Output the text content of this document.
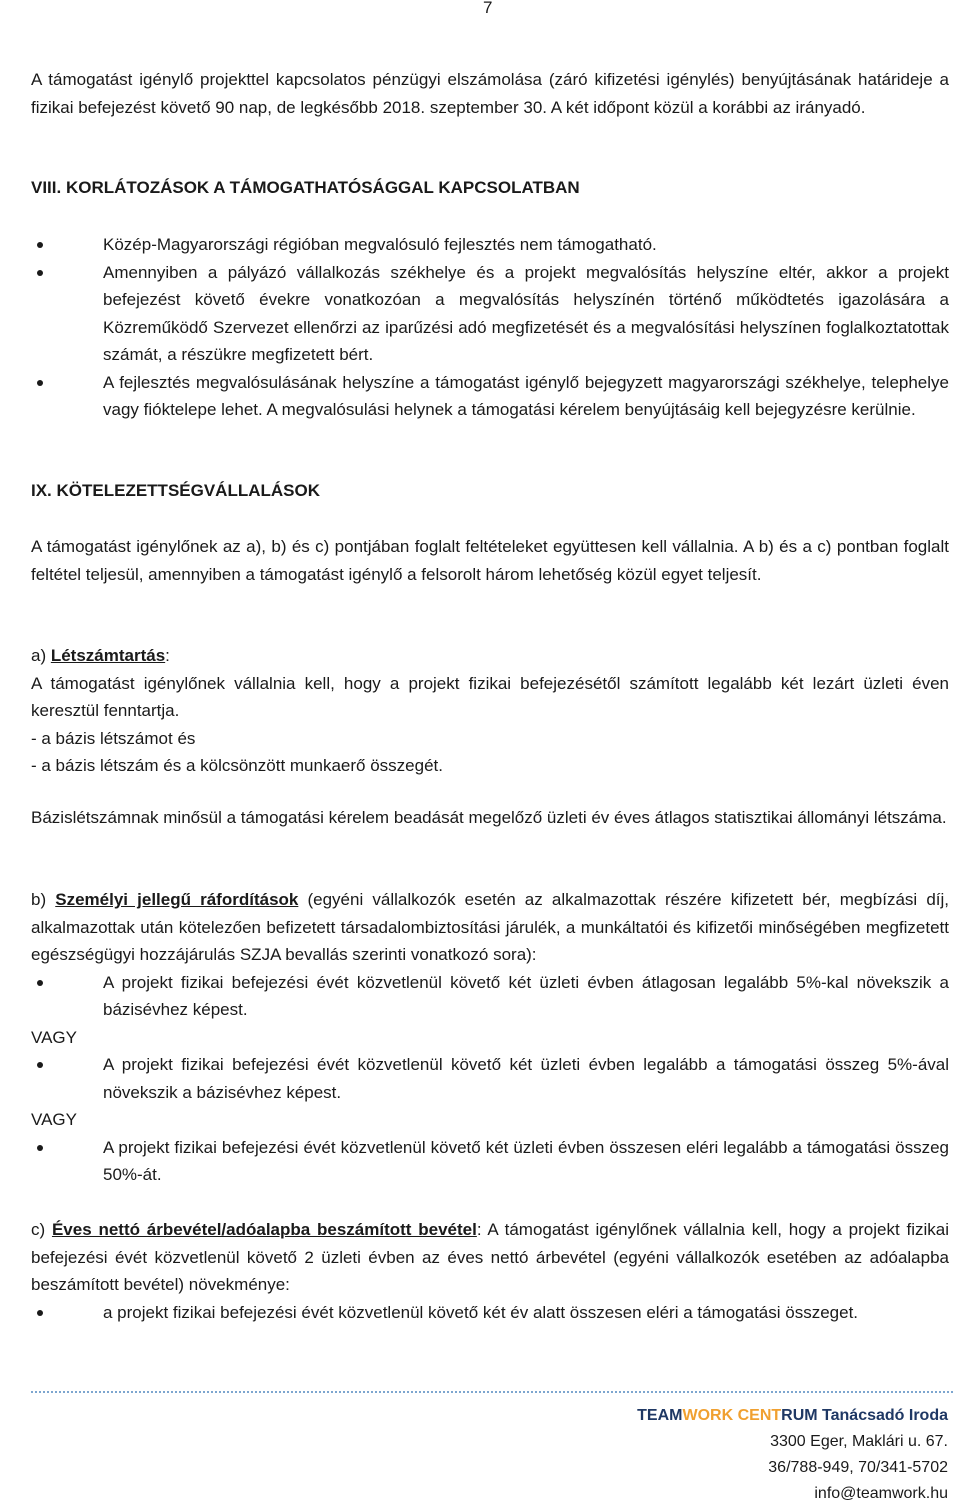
7

A támogatást igénylő projekttel kapcsolatos pénzügyi elszámolása (záró kifizetési igénylés) benyújtásának határideje a fizikai befejezést követő 90 nap, de legkésőbb 2018. szeptember 30. A két időpont közül a korábbi az irányadó.

VIII. KORLÁTOZÁSOK A TÁMOGATHATÓSÁGGAL KAPCSOLATBAN
Közép-Magyarországi régióban megvalósuló fejlesztés nem támogatható.
Amennyiben a pályázó vállalkozás székhelye és a projekt megvalósítás helyszíne eltér, akkor a projekt befejezést követő évekre vonatkozóan a megvalósítás helyszínén történő működtetés igazolására a Közreműködő Szervezet ellenőrzi az iparűzési adó megfizetését és a megvalósítási helyszínen foglalkoztatottak számát, a részükre megfizetett bért.
A fejlesztés megvalósulásának helyszíne a támogatást igénylő bejegyzett magyarországi székhelye, telephelye vagy fióktelepe lehet. A megvalósulási helynek a támogatási kérelem benyújtásáig kell bejegyzésre kerülnie.
IX. KÖTELEZETTSÉGVÁLLALÁSOK

A támogatást igénylőnek az a), b) és c) pontjában foglalt feltételeket együttesen kell vállalnia. A b) és a c) pontban foglalt feltétel teljesül, amennyiben a támogatást igénylő a felsorolt három lehetőség közül egyet teljesít.

a) Létszámtartás:

A támogatást igénylőnek vállalnia kell, hogy a projekt fizikai befejezésétől számított legalább két lezárt üzleti éven keresztül fenntartja.

- a bázis létszámot és

- a bázis létszám és a kölcsönzött munkaerő összegét.

Bázislétszámnak minősül a támogatási kérelem beadását megelőző üzleti év éves átlagos statisztikai állományi létszáma.

b) Személyi jellegű ráfordítások (egyéni vállalkozók esetén az alkalmazottak részére kifizetett bér, megbízási díj, alkalmazottak után kötelezően befizetett társadalombiztosítási járulék, a munkáltatói és kifizetői minőségében megfizetett egészségügyi hozzájárulás SZJA bevallás szerinti vonatkozó sora):

A projekt fizikai befejezési évét közvetlenül követő két üzleti évben átlagosan legalább 5%-kal növekszik a bázisévhez képest.

VAGY

A projekt fizikai befejezési évét közvetlenül követő két üzleti évben legalább a támogatási összeg 5%-ával növekszik a bázisévhez képest.

VAGY

A projekt fizikai befejezési évét közvetlenül követő két üzleti évben összesen eléri legalább a támogatási összeg 50%-át.

c) Éves nettó árbevétel/adóalapba beszámított bevétel: A támogatást igénylőnek vállalnia kell, hogy a projekt fizikai befejezési évét közvetlenül követő 2 üzleti évben az éves nettó árbevétel (egyéni vállalkozók esetében az adóalapba beszámított bevétel) növekménye:

a projekt fizikai befejezési évét közvetlenül követő két év alatt összesen eléri a támogatási összeget.
TEAMWORK CENTRUM Tanácsadó Iroda
3300 Eger, Maklári u. 67.
36/788-949, 70/341-5702
info@teamwork.hu
